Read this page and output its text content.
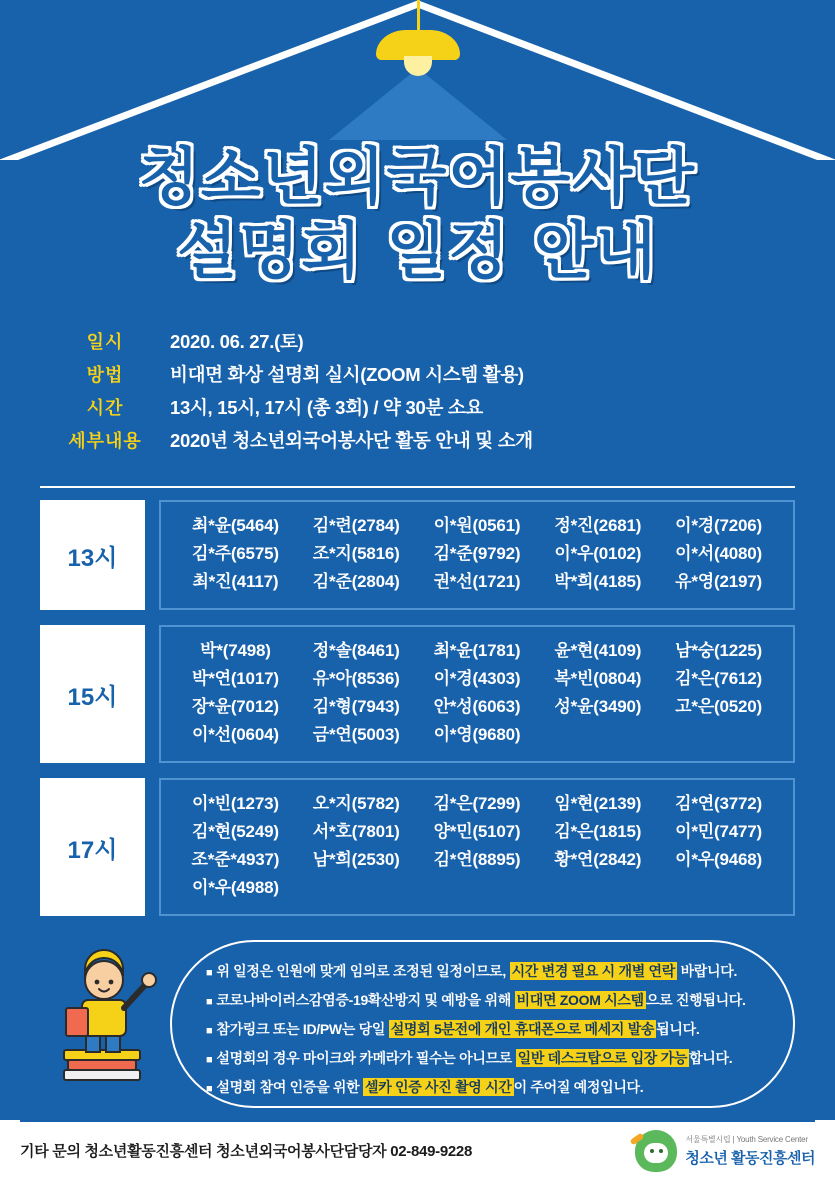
청소년외국어봉사단
설명회 일정 안내
일시	2020. 06. 27.(토)
방법	비대면 화상 설명회 실시(ZOOM 시스템 활용)
시간	13시, 15시, 17시 (총 3회) / 약 30분 소요
세부내용	2020년 청소년외국어봉사단 활동 안내 및 소개
13시
최*윤(5464)	김*련(2784)	이*원(0561)	정*진(2681)	이*경(7206)
김*주(6575)	조*지(5816)	김*준(9792)	이*우(0102)	이*서(4080)
최*진(4117)	김*준(2804)	권*선(1721)	박*희(4185)	유*영(2197)
15시
박*(7498)	정*솔(8461)	최*윤(1781)	윤*현(4109)	남*숭(1225)
박*연(1017)	유*아(8536)	이*경(4303)	복*빈(0804)	김*은(7612)
장*윤(7012)	김*형(7943)	안*성(6063)	성*윤(3490)	고*은(0520)
이*선(0604)	금*연(5003)	이*영(9680)
17시
이*빈(1273)	오*지(5782)	김*은(7299)	임*현(2139)	김*연(3772)
김*현(5249)	서*호(7801)	양*민(5107)	김*은(1815)	이*민(7477)
조*준*4937)	남*희(2530)	김*연(8895)	황*연(2842)	이*우(9468)
이*우(4988)
■ 위 일정은 인원에 맞게 임의로 조정된 일정이므로, 시간 변경 필요 시 개별 연락 바랍니다.
■ 코로나바이러스감염증-19확산방지 및 예방을 위해 비대면 ZOOM 시스템 으로 진행됩니다.
■ 참가링크 또는 ID/PW는 당일 설명회 5분전에 개인 휴대폰으로 메세지 발송 됩니다.
■ 설명회의 경우 마이크와 카메라가 필수는 아니므로 일반 데스크탑으로 입장 가능 합니다.
■ 설명회 참여 인증을 위한 셀카 인증 사진 촬영 시간 이 주어질 예정입니다.
기타 문의 청소년활동진흥센터 청소년외국어봉사단담당자 02-849-9228
서울특별시립 | Youth Service Center
청소년 활동진흥센터
